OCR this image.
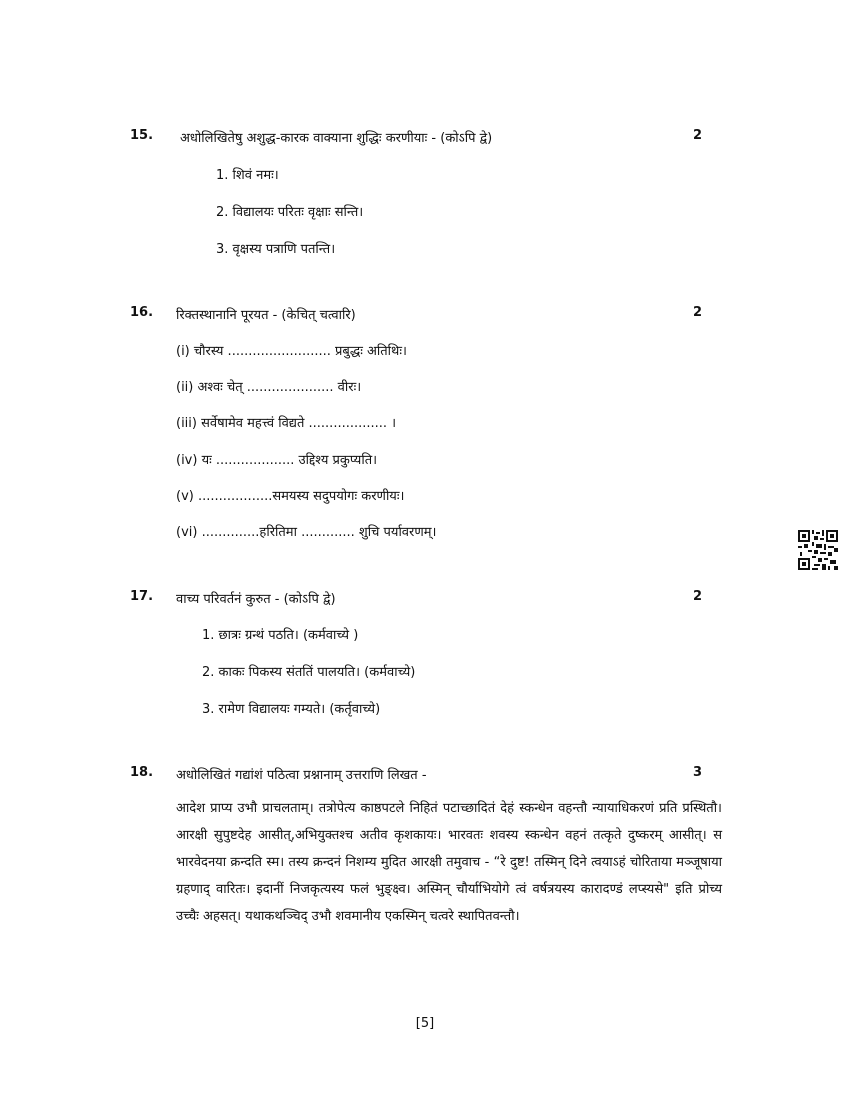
15. अधोलिखितेषु अशुद्ध-कारक वाक्याना शुद्धिः करणीयाः - (कोऽपि द्वे)	2
1. शिवं नमः।
2. विद्यालयः परितः वृक्षाः सन्ति।
3. वृक्षस्य पत्राणि पतन्ति।
16. रिक्तस्थानानि पूरयत - (केचित् चत्वारि)	2
(i) चौरस्य ......................... प्रबुद्धः अतिथिः।
(ii) अश्वः चेत् ..................... वीरः।
(iii) सर्वेषामेव महत्त्वं विद्यते ................... ।
(iv) यः ................... उद्दिश्य प्रकुप्यति।
(v) ..................समयस्य सदुपयोगः करणीयः।
(vi) ..............हरितिमा ............. शुचि पर्यावरणम्।
17. वाच्य परिवर्तनं कुरुत - (कोऽपि द्वे)	2
1. छात्रः ग्रन्थं पठति। (कर्मवाच्ये )
2. काकः पिकस्य संततिं पालयति। (कर्मवाच्ये)
3. रामेण विद्यालयः गम्यते। (कर्तृवाच्ये)
18. अधोलिखितं गद्यांशं पठित्वा प्रश्नानाम् उत्तराणि लिखत -	3
आदेश प्राप्य उभौ प्राचलताम्। तत्रोपेत्य काष्ठपटले निहितं पटाच्छादितं देहं स्कन्धेन वहन्तौ न्यायाधिकरणं प्रति प्रस्थितौ। आरक्षी सुपुष्टदेह आसीत्,अभियुक्तश्च अतीव कृशकायः। भारवतः शवस्य स्कन्धेन वहनं तत्कृते दुष्करम् आसीत्। स भारवेदनया क्रन्दति स्म। तस्य क्रन्दनं निशम्य मुदित आरक्षी तमुवाच - “रे दुष्ट! तस्मिन् दिने त्वयाऽहं चोरिताया मञ्जूषाया ग्रहणाद् वारितः। इदानीं निजकृत्यस्य फलं भुङ्क्ष्व। अस्मिन् चौर्याभियोगे त्वं वर्षत्रयस्य कारादण्डं लप्स्यसे" इति प्रोच्य उच्चैः अहसत्। यथाकथञ्चिद् उभौ शवमानीय एकस्मिन् चत्वरे स्थापितवन्तौ।
[5]
